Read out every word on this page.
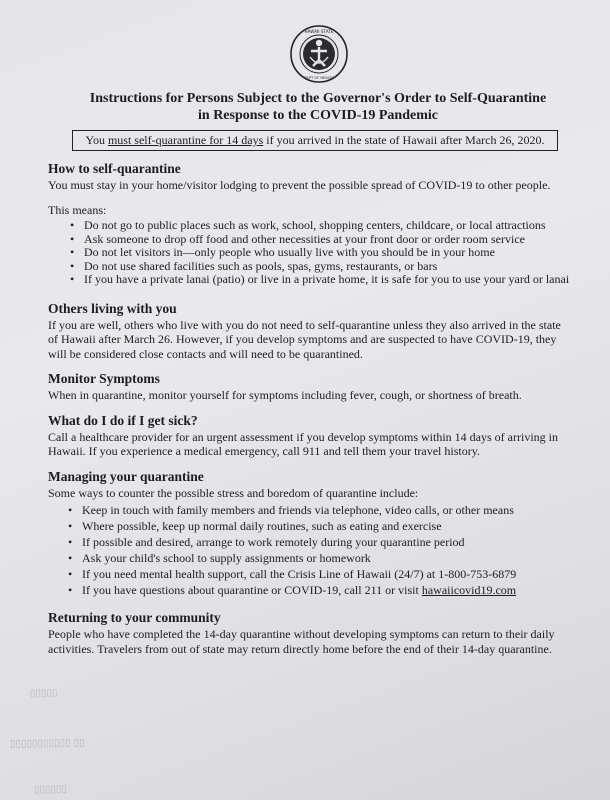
HAWAII STATE
DEPT OF HEALTH
Instructions for Persons Subject to the Governor's Order to Self-Quarantine
in Response to the COVID-19 Pandemic
You must self-quarantine for 14 days if you arrived in the state of Hawaii after March 26, 2020.
How to self-quarantine

You must stay in your home/visitor lodging to prevent the possible spread of COVID-19 to other people.

This means:

• Do not go to public places such as work, school, shopping centers, childcare, or local attractions
• Ask someone to drop off food and other necessities at your front door or order room service
• Do not let visitors in—only people who usually live with you should be in your home
• Do not use shared facilities such as pools, spas, gyms, restaurants, or bars
• If you have a private lanai (patio) or live in a private home, it is safe for you to use your yard or lanai
Others living with you

If you are well, others who live with you do not need to self-quarantine unless they also arrived in the state of Hawaii after March 26. However, if you develop symptoms and are suspected to have COVID-19, they will be considered close contacts and will need to be quarantined.

Monitor Symptoms

When in quarantine, monitor yourself for symptoms including fever, cough, or shortness of breath.

What do I do if I get sick?

Call a healthcare provider for an urgent assessment if you develop symptoms within 14 days of arriving in Hawaii. If you experience a medical emergency, call 911 and tell them your travel history.

Managing your quarantine

Some ways to counter the possible stress and boredom of quarantine include:

• Keep in touch with family members and friends via telephone, video calls, or other means
• Where possible, keep up normal daily routines, such as eating and exercise
• If possible and desired, arrange to work remotely during your quarantine period
• Ask your child's school to supply assignments or homework
• If you need mental health support, call the Crisis Line of Hawaii (24/7) at 1-800-753-6879
• If you have questions about quarantine or COVID-19, call 211 or visit hawaiicovid19.com
Returning to your community

People who have completed the 14-day quarantine without developing symptoms can return to their daily activities. Travelers from out of state may return directly home before the end of their 14-day quarantine.

▯▯▯▯▯
▯▯▯▯▯▯▯▯▯▯▯ ▯▯
▯▯▯▯▯▯
